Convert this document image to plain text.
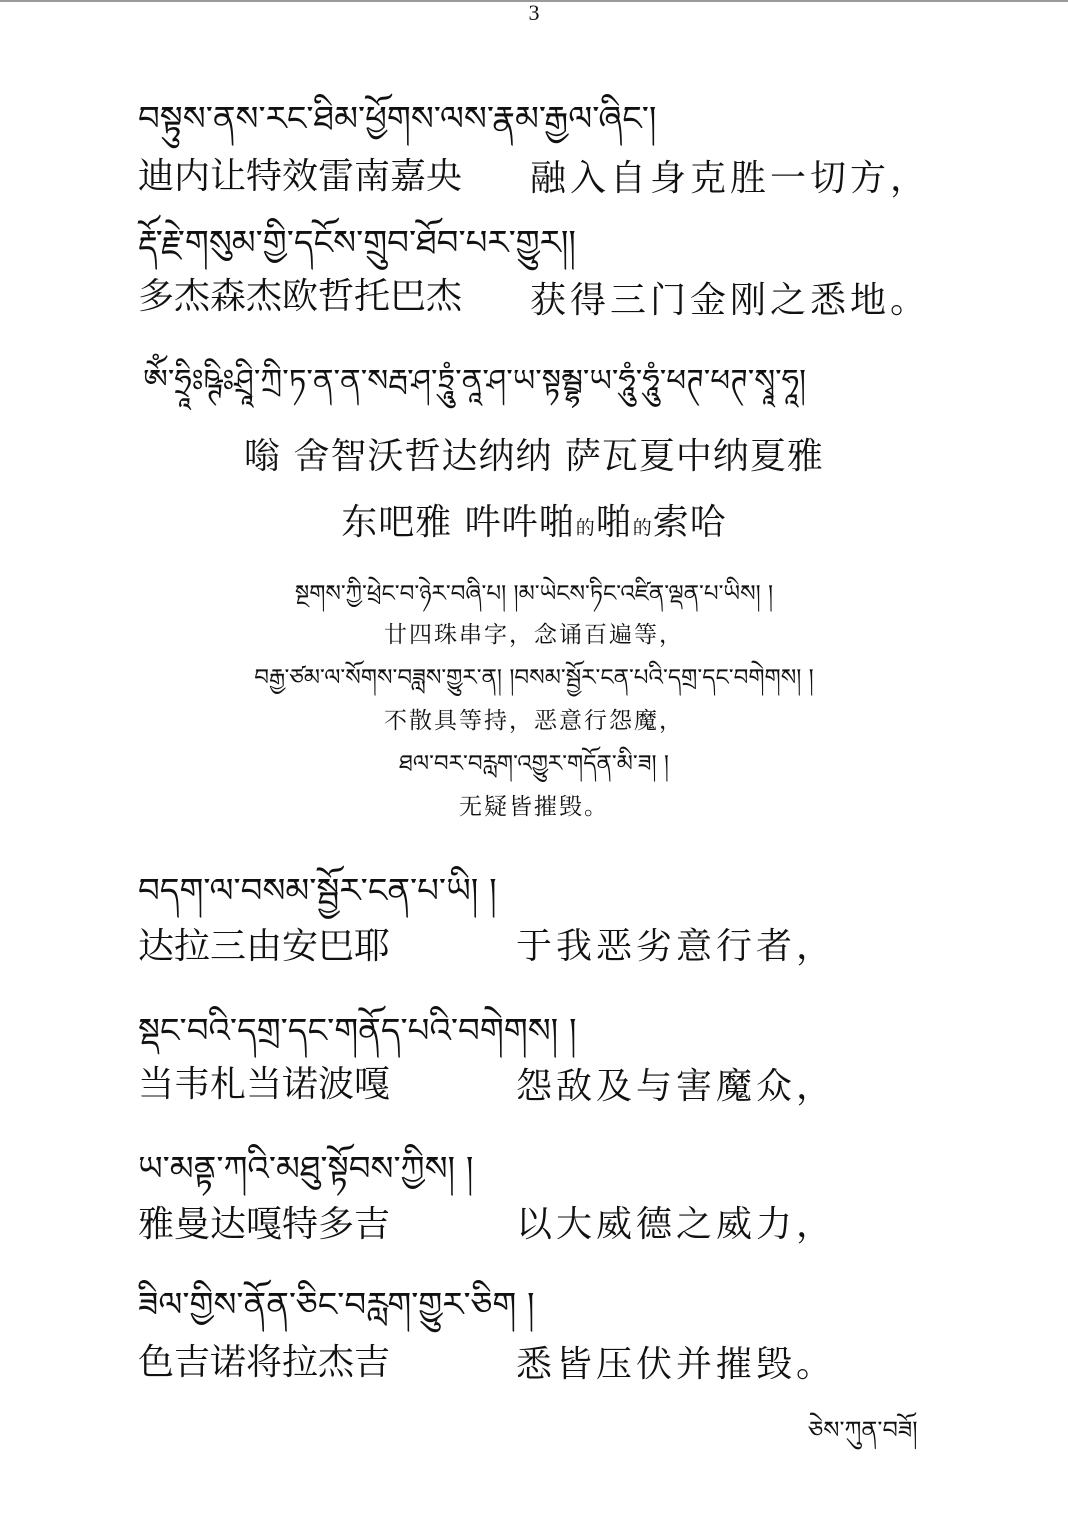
བསྟུས་ནས་རང་ཐིམ་ཕྱོགས་ལས་རྣམ་རྒྱལ་ཞིང་།
迪内让特效雷南嘉央 融入自身克胜一切方，
རྡོ་རྗེ་གསུམ་གྱི་དངོས་གྲུབ་ཐོབ་པར་གྱུར།།
多杰森杰欧哲托巴杰 获得三门金刚之悉地。
ཨོཾ་ཧྲཱིཿཥྚིཿཤྲཱི་ཀྲི་ཏ་ན་ན་སརྦ་ཤ་ཏྲཱུཾ་ནཱ་ཤ་ཡ་སྟམྦྷ་ཡ་ཧཱུཾ་ཧཱུཾ་ཕཊ་ཕཊ་སྭཱ་ཧཱ།
嗡 舍智沃哲达纳纳 萨瓦夏中纳夏雅
东吧雅 吽吽啪的啪的索哈
སྔགས་ཀྱི་ཕྲེང་བ་ཉེར་བཞི་པ། །མ་ཡེངས་ཏིང་འཛིན་ལྡན་པ་ཡིས། །
廿四珠串字，念诵百遍等，
བརྒྱ་ཙམ་ལ་སོགས་བཟླས་གྱུར་ན། །བསམ་སྦྱོར་ངན་པའི་དགྲ་དང་བགེགས། །
不散具等持，恶意行怨魔，
ཐལ་བར་བརླག་འགྱུར་གདོན་མི་ཟ། །
无疑皆摧毁。
བདག་ལ་བསམ་སྦྱོར་ངན་པ་ཡི། །
达拉三由安巴耶	于我恶劣意行者，
སྡང་བའི་དགྲ་དང་གནོད་པའི་བགེགས། །
当韦札当诺波嘎	怨敌及与害魔众，
ཡ་མནྟ་ཀའི་མཐུ་སྟོབས་ཀྱིས། །
雅曼达嘎特多吉	以大威德之威力，
ཟིལ་གྱིས་ནོན་ཅིང་བརླག་གྱུར་ཅིག །
色吉诺将拉杰吉	悉皆压伏并摧毁。
ཅེས་ཀུན་བཟོ།
3
